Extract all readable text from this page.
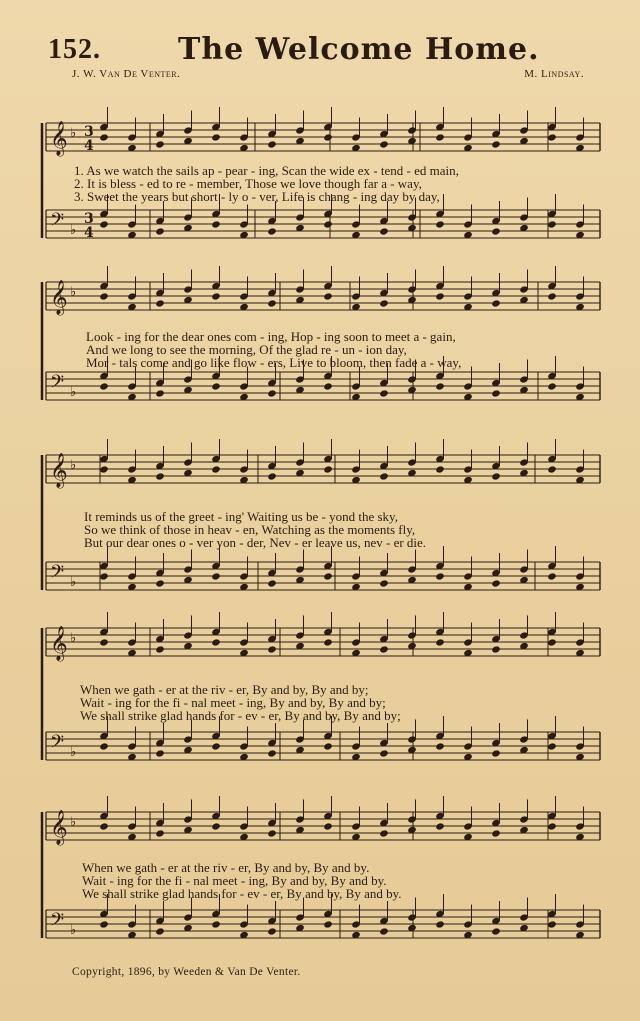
152.	The Welcome Home.
J. W. Van De Venter.	M. Lindsay.
𝄞 ♭
𝄢 ♭
𝄞 ♭
𝄢 ♭
𝄞 ♭
𝄢 ♭
𝄞 ♭
𝄢 ♭
𝄞 ♭
𝄢 ♭
3
4
3
4
1. As we watch the sails ap - pear - ing, Scan the wide ex - tend - ed main,
2. It is bless - ed to re - member, Those we love though far a - way,
3. Sweet the years but short - ly o - ver, Life is chang - ing day by day,
Look - ing for the dear ones com - ing, Hop - ing soon to meet a - gain,
And we long to see the morning, Of the glad re - un - ion day,
Mor - tals come and go like flow - ers, Live to bloom, then fade a - way,
It reminds us of the greet - ing' Waiting us be - yond the sky,
So we think of those in heav - en, Watching as the moments fly,
But our dear ones o - ver yon - der, Nev - er leave us, nev - er die.
When we gath - er at the riv - er, By and by, By and by;
Wait - ing for the fi - nal meet - ing, By and by, By and by;
We shall strike glad hands for - ev - er, By and by, By and by;
When we gath - er at the riv - er, By and by, By and by.
Wait - ing for the fi - nal meet - ing, By and by, By and by.
We shall strike glad hands for - ev - er, By and by, By and by.
Copyright, 1896, by Weeden & Van De Venter.
